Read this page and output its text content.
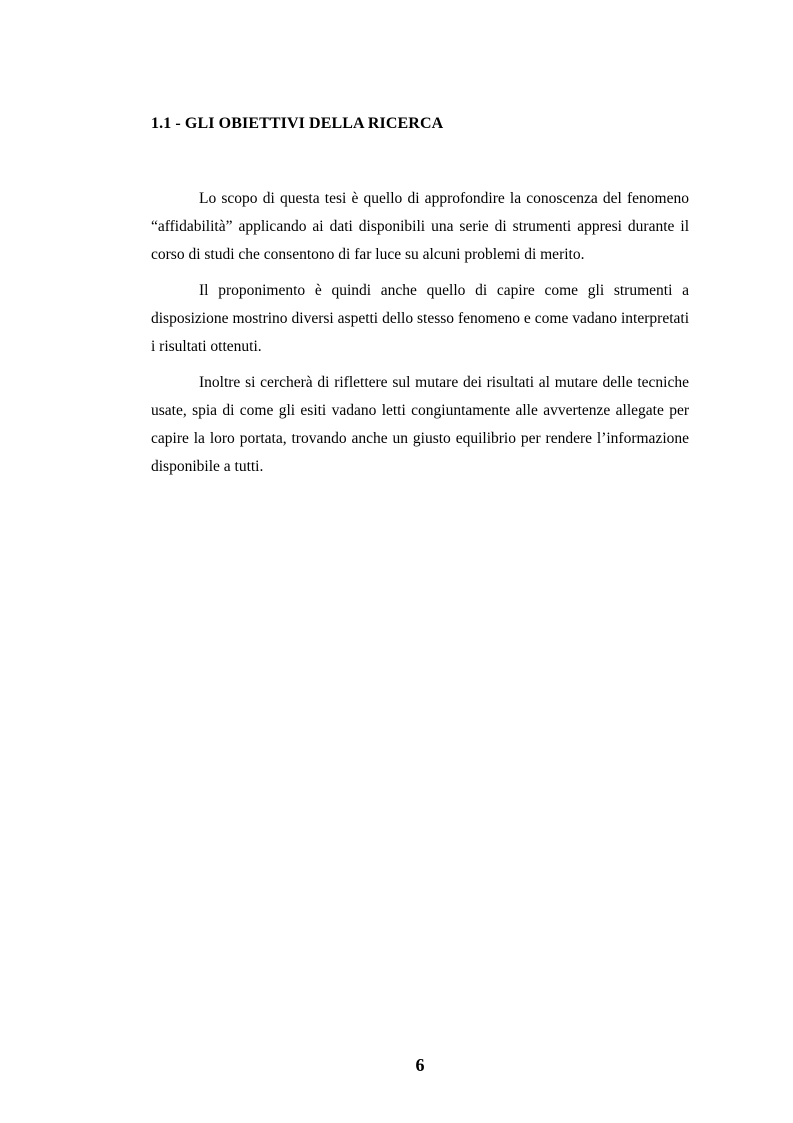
1.1 - GLI OBIETTIVI DELLA RICERCA

Lo scopo di questa tesi è quello di approfondire la conoscenza del fenomeno “affidabilità” applicando ai dati disponibili una serie di strumenti appresi durante il corso di studi che consentono di far luce su alcuni problemi di merito.

Il proponimento è quindi anche quello di capire come gli strumenti a disposizione mostrino diversi aspetti dello stesso fenomeno e come vadano interpretati i risultati ottenuti.

Inoltre si cercherà di riflettere sul mutare dei risultati al mutare delle tecniche usate, spia di come gli esiti vadano letti congiuntamente alle avvertenze allegate per capire la loro portata, trovando anche un giusto equilibrio per rendere l’informazione disponibile a tutti.

6
